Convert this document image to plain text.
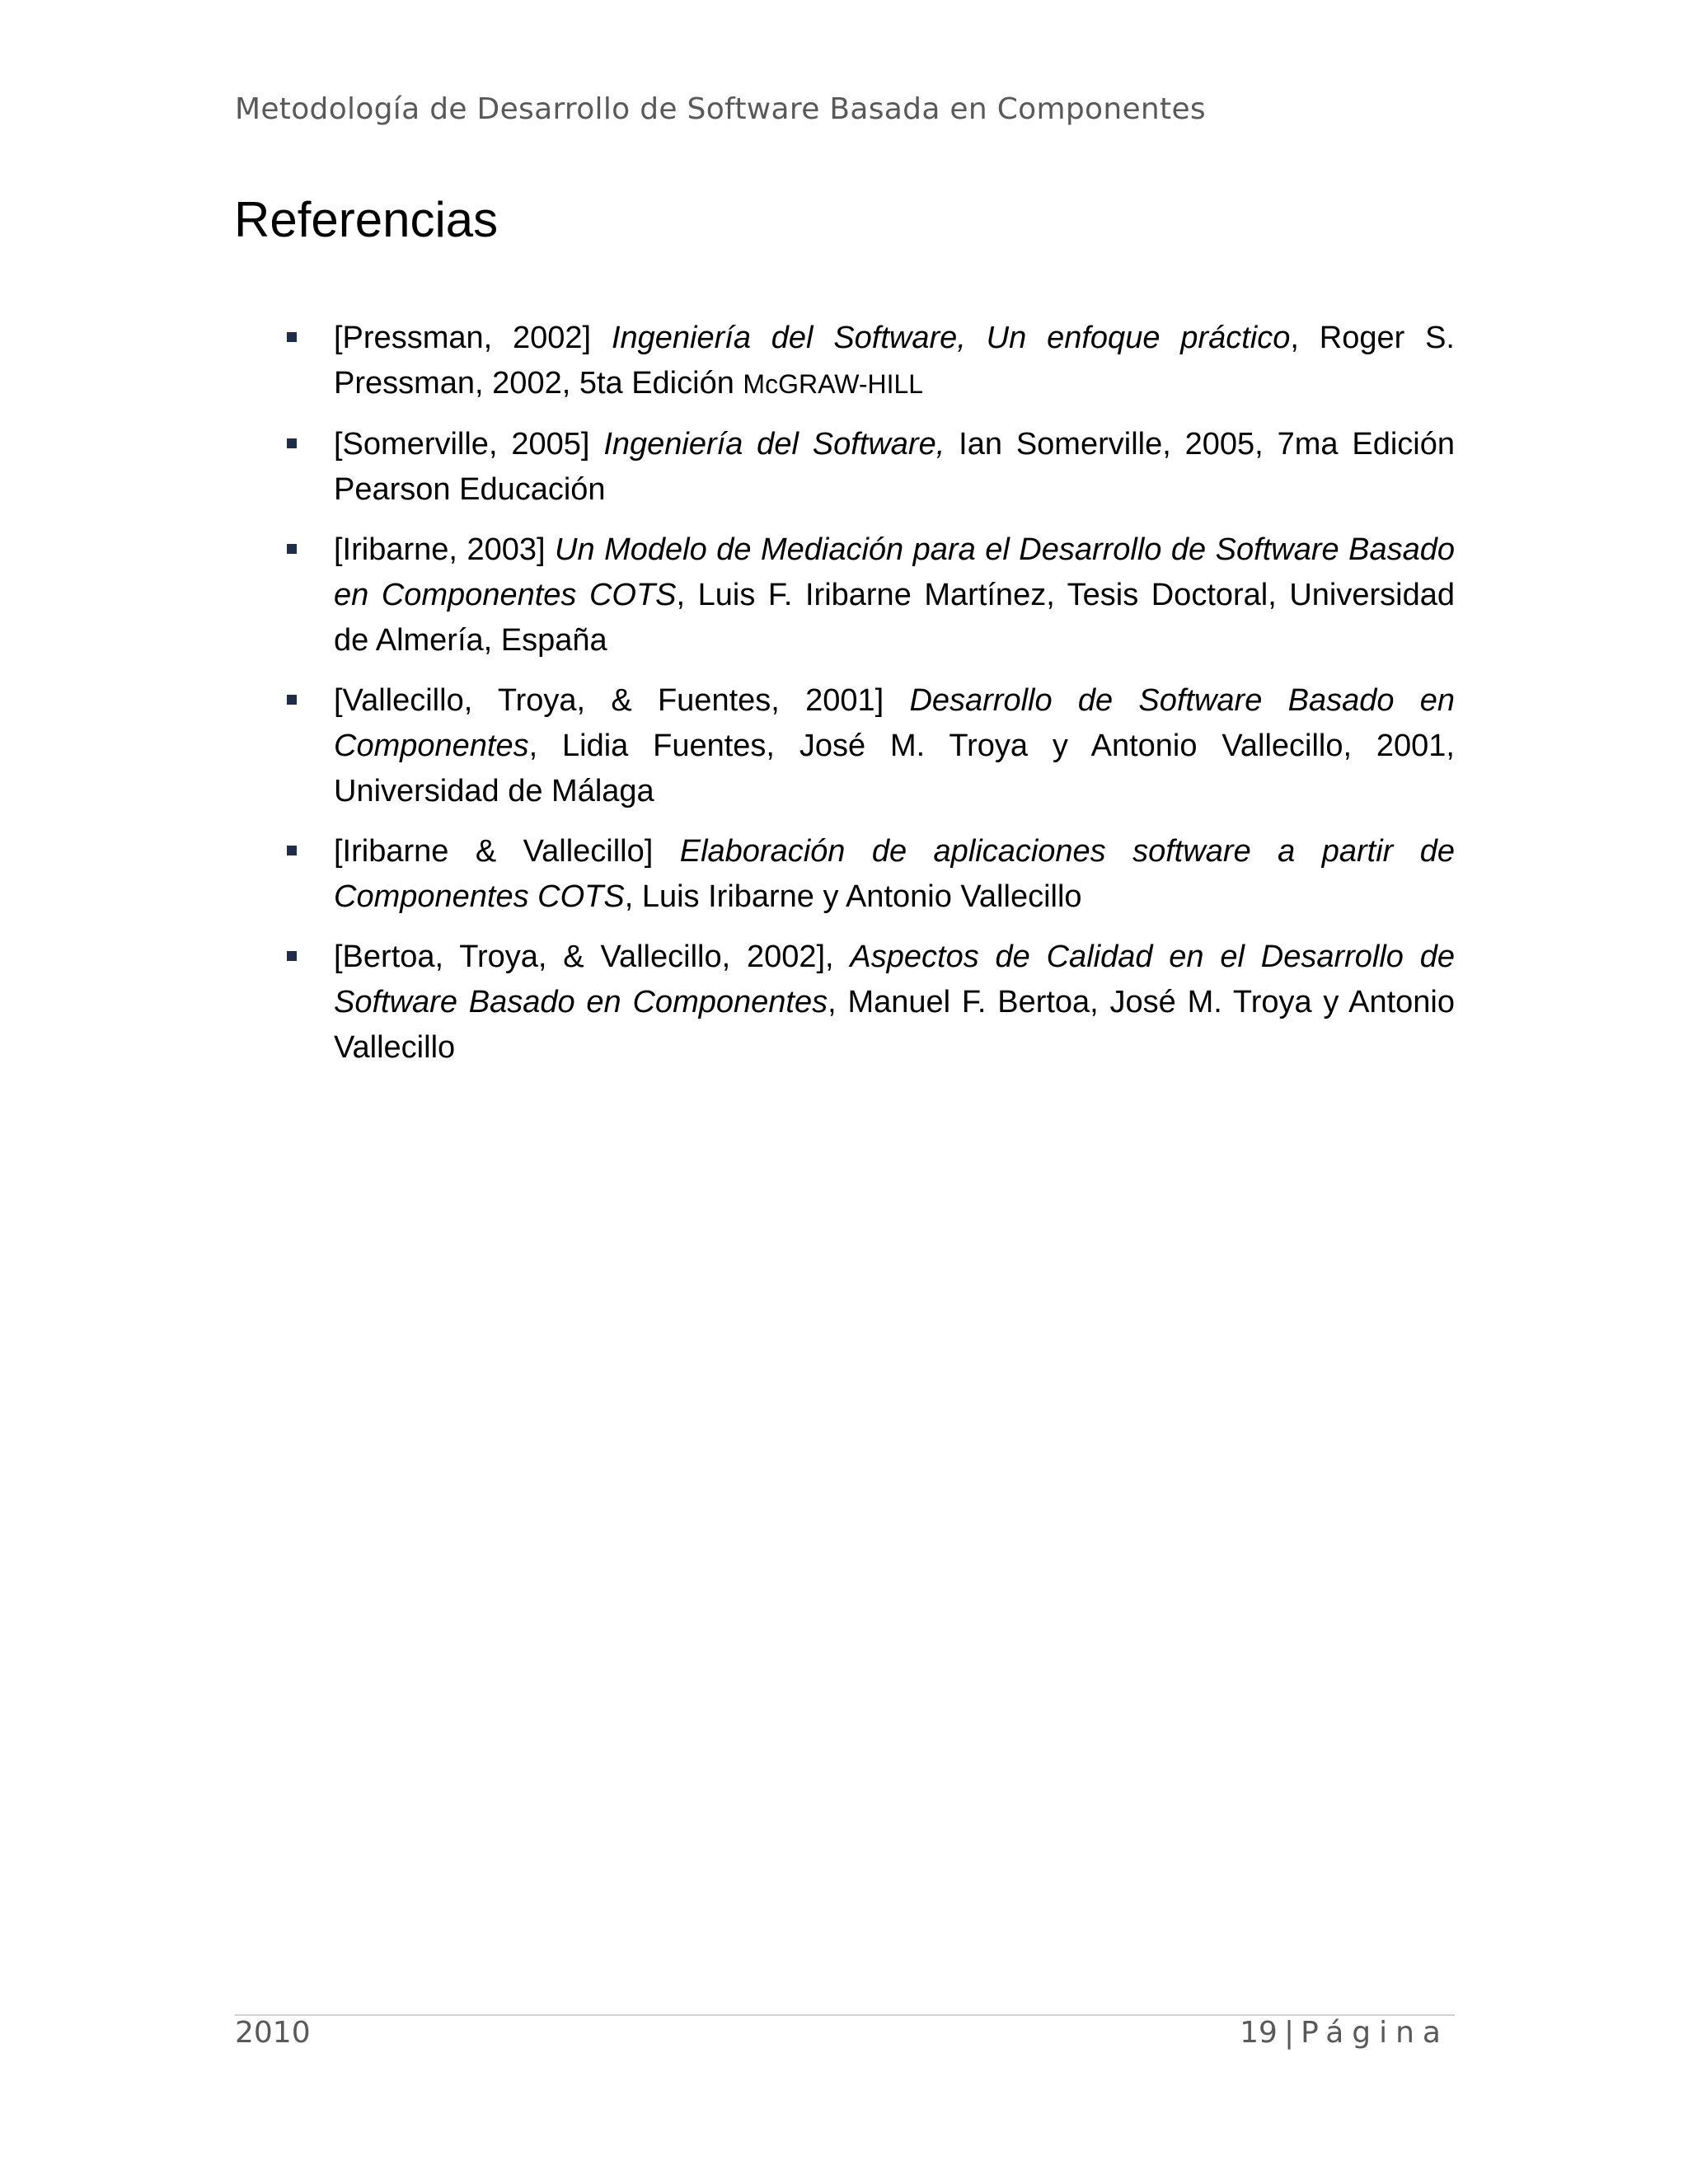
Metodología de Desarrollo de Software Basada en Componentes
Referencias
[Pressman, 2002] Ingeniería del Software, Un enfoque práctico, Roger S. Pressman, 2002, 5ta Edición McGRAW-HILL
[Somerville, 2005] Ingeniería del Software, Ian Somerville, 2005, 7ma Edición Pearson Educación
[Iribarne, 2003] Un Modelo de Mediación para el Desarrollo de Software Basado en Componentes COTS, Luis F. Iribarne Martínez, Tesis Doctoral, Universidad de Almería, España
[Vallecillo, Troya, & Fuentes, 2001] Desarrollo de Software Basado en Componentes, Lidia Fuentes, José M. Troya y Antonio Vallecillo, 2001, Universidad de Málaga
[Iribarne & Vallecillo] Elaboración de aplicaciones software a partir de Componentes COTS, Luis Iribarne y Antonio Vallecillo
[Bertoa, Troya, & Vallecillo, 2002], Aspectos de Calidad en el Desarrollo de Software Basado en Componentes, Manuel F. Bertoa, José M. Troya y Antonio Vallecillo
2010	19 | Página
